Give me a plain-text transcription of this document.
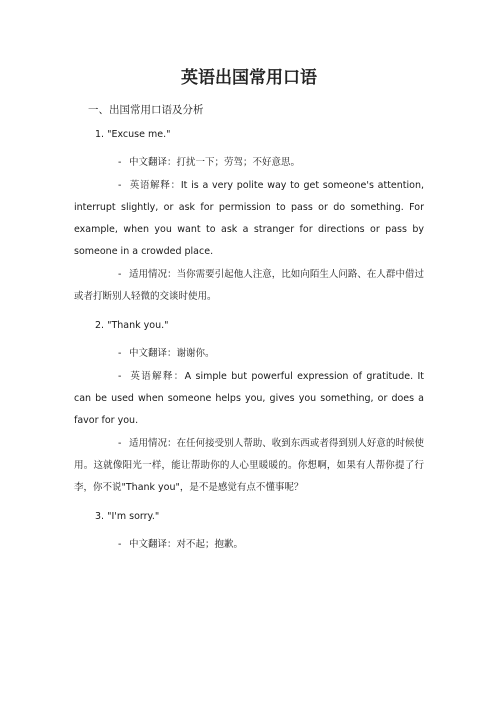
英语出国常用口语
一、出国常用口语及分析
1. "Excuse me."

- 中文翻译：打扰一下；劳驾；不好意思。

- 英语解释：It is a very polite way to get someone's attention, interrupt slightly, or ask for permission to pass or do something. For example, when you want to ask a stranger for directions or pass by someone in a crowded place.

- 适用情况：当你需要引起他人注意，比如向陌生人问路、在人群中借过或者打断别人轻微的交谈时使用。

2. "Thank you."

- 中文翻译：谢谢你。

- 英语解释：A simple but powerful expression of gratitude. It can be used when someone helps you, gives you something, or does a favor for you.

- 适用情况：在任何接受别人帮助、收到东西或者得到别人好意的时候使用。这就像阳光一样，能让帮助你的人心里暖暖的。你想啊，如果有人帮你提了行李，你不说"Thank you"，是不是感觉有点不懂事呢？

3. "I'm sorry."

- 中文翻译：对不起；抱歉。
